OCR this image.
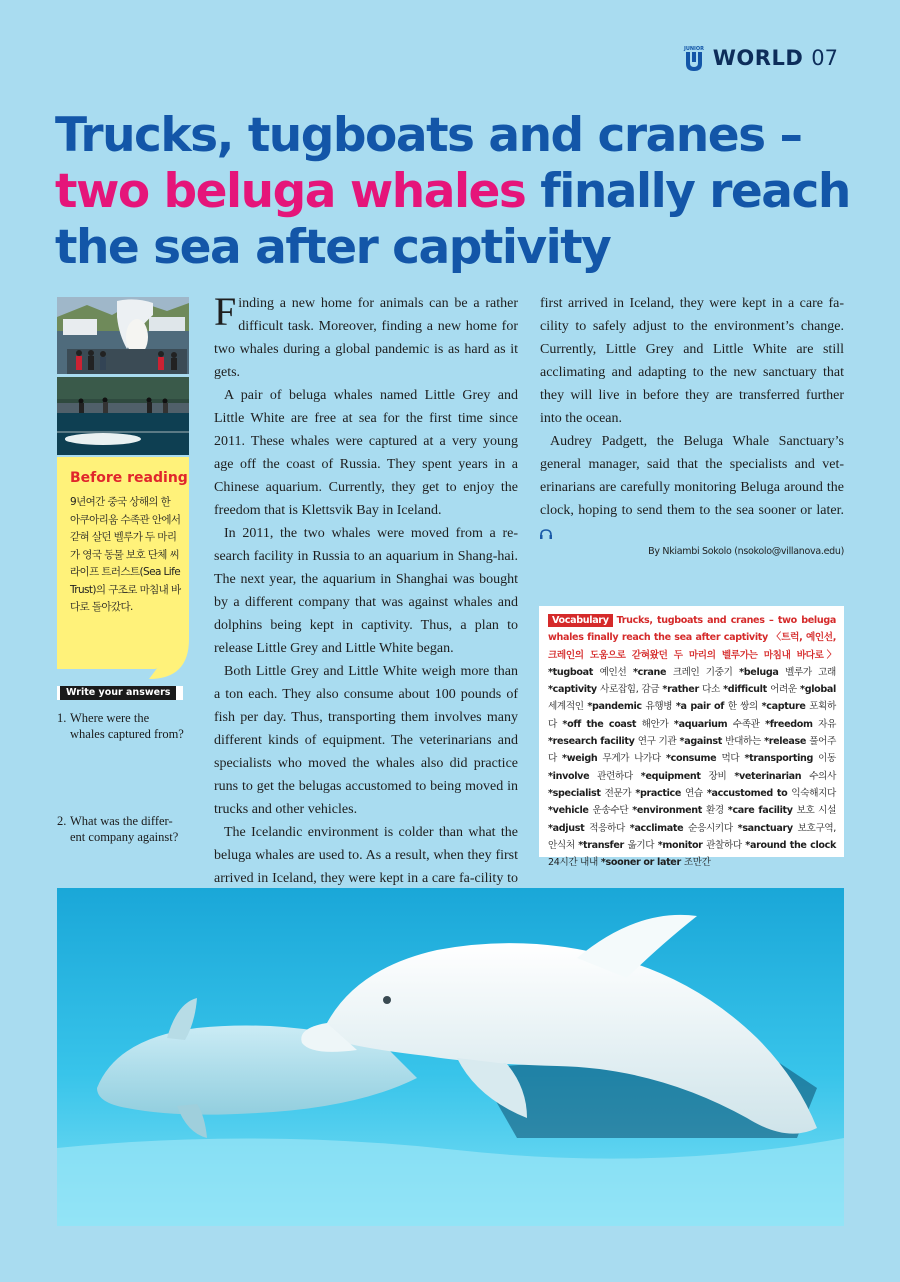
JUNIOR WORLD 07
Trucks, tugboats and cranes –
two beluga whales finally reach
the sea after captivity
Before reading
9년여간 중국 상해의 한 아쿠아리움 수족관 안에서 갇혀 살던 벨루가 두 마리가 영국 동물 보호 단체 씨 라이프 트러스트(Sea Life Trust)의 구조로 마침내 바다로 돌아갔다.
Write your answers
1. Where were the whales captured from?
2. What was the differ-ent company against?

Finding a new home for animals can be a rather difficult task. Moreover, finding a new home for two whales during a global pandemic is as hard as it gets.

A pair of beluga whales named Little Grey and Little White are free at sea for the first time since 2011. These whales were captured at a very young age off the coast of Russia. They spent years in a Chinese aquarium. Currently, they get to enjoy the freedom that is Klettsvik Bay in Iceland.

In 2011, the two whales were moved from a re-search facility in Russia to an aquarium in Shang-hai. The next year, the aquarium in Shanghai was bought by a different company that was against whales and dolphins being kept in captivity. Thus, a plan to release Little Grey and Little White began.

Both Little Grey and Little White weigh more than a ton each. They also consume about 100 pounds of fish per day. Thus, transporting them involves many different kinds of equipment. The veterinarians and specialists who moved the whales also did practice runs to get the belugas accustomed to being moved in trucks and other vehicles.

The Icelandic environment is colder than what the beluga whales are used to. As a result, when they first arrived in Iceland, they were kept in a care fa-cility to

first arrived in Iceland, they were kept in a care fa-cility to safely adjust to the environment’s change. Currently, Little Grey and Little White are still acclimating and adapting to the new sanctuary that they will live in before they are transferred further into the ocean.

Audrey Padgett, the Beluga Whale Sanctuary’s general manager, said that the specialists and vet-erinarians are carefully monitoring Beluga around the clock, hoping to send them to the sea sooner or later.

By Nkiambi Sokolo (nsokolo@villanova.edu)
Vocabulary Trucks, tugboats and cranes – two beluga whales finally reach the sea after captivity 〈트럭, 예인선, 크레인의 도움으로 갇혀왔던 두 마리의 벨루가는 마침내 바다로〉 *tugboat 예인선 *crane 크레인 기중기 *beluga 벨루가 고래 *captivity 사로잡힘, 감금 *rather 다소 *difficult 어려운 *global 세계적인 *pandemic 유행병 *a pair of 한 쌍의 *capture 포획하다 *off the coast 해안가 *aquarium 수족관 *freedom 자유 *research facility 연구 기관 *against 반대하는 *release 풀어주다 *weigh 무게가 나가다 *consume 먹다 *transporting 이동 *involve 관련하다 *equipment 장비 *veterinarian 수의사 *specialist 전문가 *practice 연습 *accustomed to 익숙해지다 *vehicle 운송수단 *environment 환경 *care facility 보호 시설 *adjust 적응하다 *acclimate 순응시키다 *sanctuary 보호구역, 안식처 *transfer 옮기다 *monitor 관찰하다 *around the clock 24시간 내내 *sooner or later 조만간
